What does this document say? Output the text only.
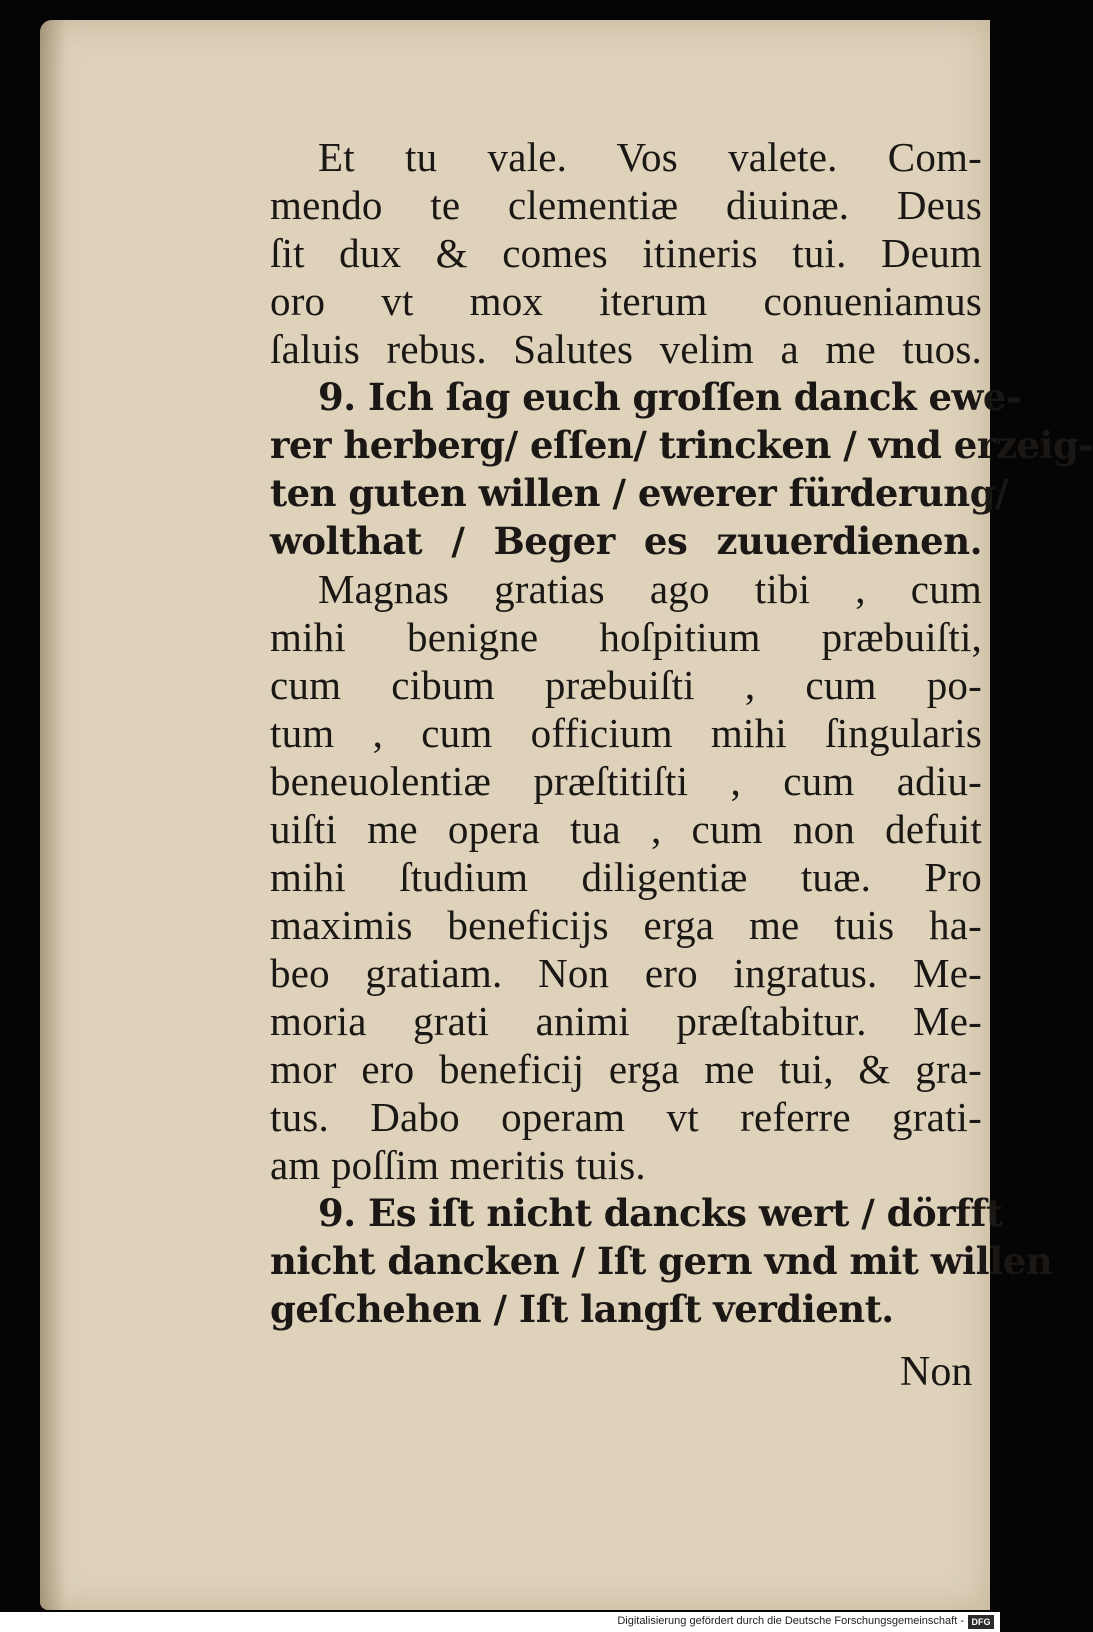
Et tu vale. Vos valete. Com-
mendo te clementiæ diuinæ. Deus
ſit dux & comes itineris tui. Deum
oro vt mox iterum conueniamus
ſaluis rebus. Salutes velim a me tuos.
9. Ich ſag euch groſſen danck ewe-
rer herberg/ eſſen/ trincken / vnd erzeig-
ten guten willen / ewerer fürderung/
wolthat / Beger es zuuerdienen.
Magnas gratias ago tibi , cum
mihi benigne hoſpitium præbuiſti,
cum cibum præbuiſti , cum po-
tum , cum officium mihi ſingularis
beneuolentiæ præſtitiſti , cum adiu-
uiſti me opera tua , cum non defuit
mihi ſtudium diligentiæ tuæ. Pro
maximis beneficijs erga me tuis ha-
beo gratiam. Non ero ingratus. Me-
moria grati animi præſtabitur. Me-
mor ero beneficij erga me tui, & gra-
tus. Dabo operam vt referre grati-
am poſſim meritis tuis.
9. Es iſt nicht dancks wert / dörfft
nicht dancken / Iſt gern vnd mit willen
geſchehen / Iſt langſt verdient.
Non
Digitalisierung gefördert durch die Deutsche Forschungsgemeinschaft - DFG
